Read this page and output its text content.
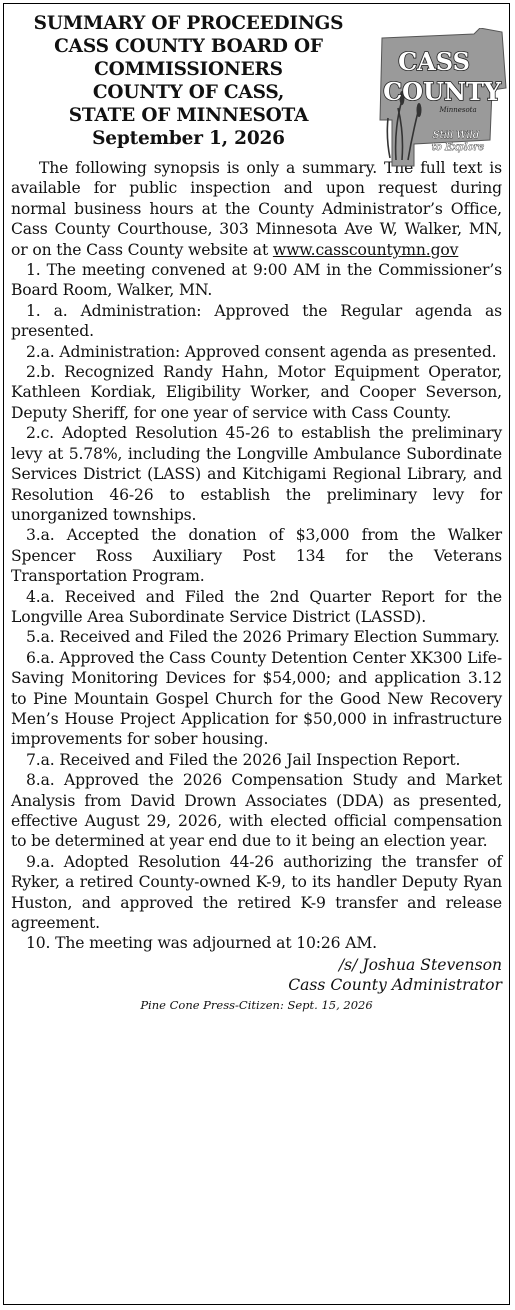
SUMMARY OF PROCEEDINGS
CASS COUNTY BOARD OF
COMMISSIONERS
COUNTY OF CASS,
STATE OF MINNESOTA
September 1, 2026
CASS
COUNTY
Minnesota
Still Wild
to Explore

The following synopsis is only a summary. The full text is available for public inspection and upon request during normal business hours at the County Administrator’s Office, Cass County Courthouse, 303 Minnesota Ave W, Walker, MN, or on the Cass County website at www.casscountymn.gov

1. The meeting convened at 9:00 AM in the Commissioner’s Board Room, Walker, MN.

1. a. Administration: Approved the Regular agenda as presented.

2.a. Administration: Approved consent agenda as presented.

2.b. Recognized Randy Hahn, Motor Equipment Operator, Kathleen Kordiak, Eligibility Worker, and Cooper Severson, Deputy Sheriff, for one year of service with Cass County.

2.c. Adopted Resolution 45-26 to establish the preliminary levy at 5.78%, including the Longville Ambulance Subordinate Services District (LASS) and Kitchigami Regional Library, and Resolution 46-26 to establish the preliminary levy for unorganized townships.

3.a. Accepted the donation of $3,000 from the Walker Spencer Ross Auxiliary Post 134 for the Veterans Transportation Program.

4.a. Received and Filed the 2nd Quarter Report for the Longville Area Subordinate Service District (LASSD).

5.a. Received and Filed the 2026 Primary Election Summary.

6.a. Approved the Cass County Detention Center XK300 Life-Saving Monitoring Devices for $54,000; and application 3.12 to Pine Mountain Gospel Church for the Good New Recovery Men’s House Project Application for $50,000 in infrastructure improvements for sober housing.

7.a. Received and Filed the 2026 Jail Inspection Report.

8.a. Approved the 2026 Compensation Study and Market Analysis from David Drown Associates (DDA) as presented, effective August 29, 2026, with elected official compensation to be determined at year end due to it being an election year.

9.a. Adopted Resolution 44-26 authorizing the transfer of Ryker, a retired County-owned K-9, to its handler Deputy Ryan Huston, and approved the retired K-9 transfer and release agreement.

10. The meeting was adjourned at 10:26 AM.

/s/ Joshua Stevenson
Cass County Administrator
Pine Cone Press-Citizen: Sept. 15, 2026
